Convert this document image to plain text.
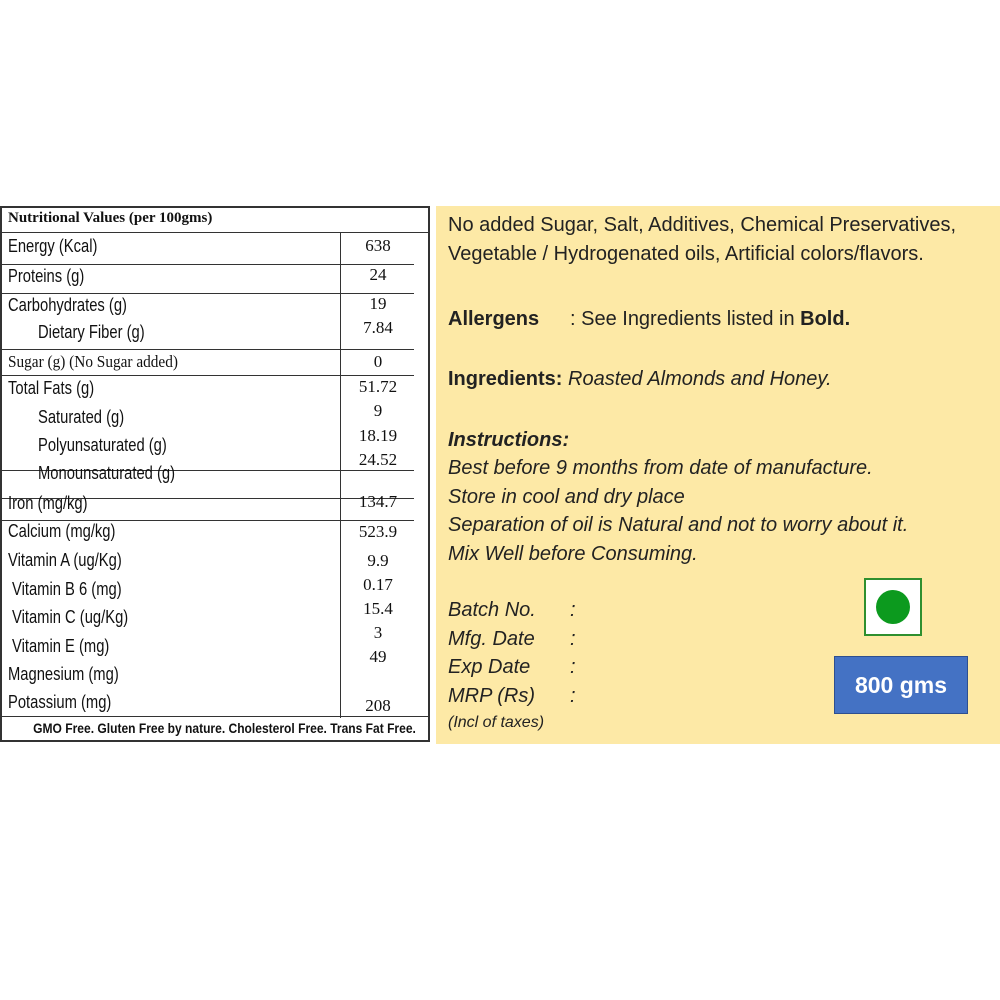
Nutritional Values (per 100gms)
Energy (Kcal)
Proteins (g)
Carbohydrates (g)
Dietary Fiber (g)
Sugar (g) (No Sugar added)
Total Fats (g)
Saturated (g)
Polyunsaturated (g)
Monounsaturated (g)
Iron (mg/kg)
Calcium (mg/kg)
Vitamin A (ug/Kg)
Vitamin B 6 (mg)
Vitamin C (ug/Kg)
Vitamin E (mg)
Magnesium (mg)
Potassium (mg)
638
24
19
7.84
0
51.72
9
18.19
24.52
134.7
523.9
9.9
0.17
15.4
3
49
208
GMO Free. Gluten Free by nature. Cholesterol Free. Trans Fat Free.
No added Sugar, Salt, Additives, Chemical Preservatives,
Vegetable / Hydrogenated oils, Artificial colors/flavors.
Allergens : See Ingredients listed in Bold.
Ingredients: Roasted Almonds and Honey.
Instructions:
Best before 9 months from date of manufacture.
Store in cool and dry place
Separation of oil is Natural and not to worry about it.
Mix Well before Consuming.
Batch No. :
Mfg. Date :
Exp Date :
MRP (Rs) :
(Incl of taxes)
800 gms
